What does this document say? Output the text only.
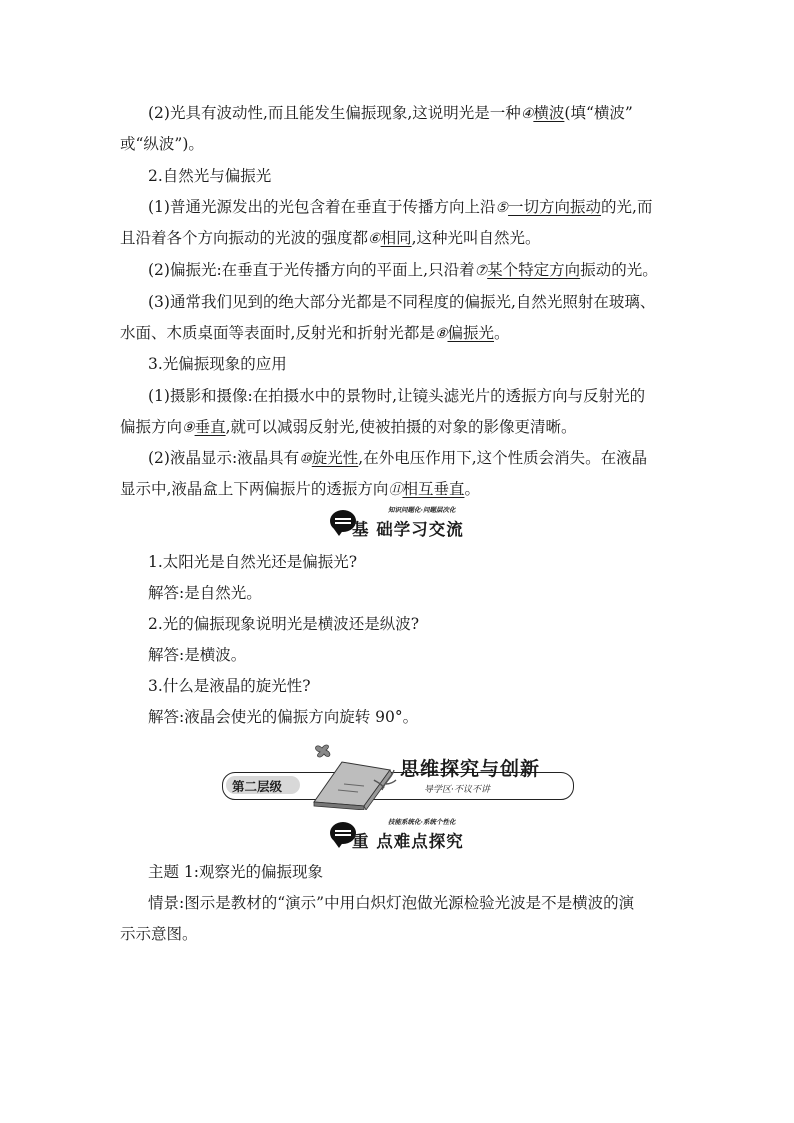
(2)光具有波动性,而且能发生偏振现象,这说明光是一种④横波(填“横波”
或“纵波”)。
2.自然光与偏振光
(1)普通光源发出的光包含着在垂直于传播方向上沿⑤一切方向振动的光,而
且沿着各个方向振动的光波的强度都⑥相同,这种光叫自然光。
(2)偏振光:在垂直于光传播方向的平面上,只沿着⑦某个特定方向振动的光。
(3)通常我们见到的绝大部分光都是不同程度的偏振光,自然光照射在玻璃、
水面、木质桌面等表面时,反射光和折射光都是⑧偏振光。
3.光偏振现象的应用
(1)摄影和摄像:在拍摄水中的景物时,让镜头滤光片的透振方向与反射光的
偏振方向⑨垂直,就可以减弱反射光,使被拍摄的对象的影像更清晰。
(2)液晶显示:液晶具有⑩旋光性,在外电压作用下,这个性质会消失。在液晶
显示中,液晶盒上下两偏振片的透振方向⑪相互垂直。
知识问题化·问题层次化
基 础学习交流
1.太阳光是自然光还是偏振光?
解答:是自然光。
2.光的偏振现象说明光是横波还是纵波?
解答:是横波。
3.什么是液晶的旋光性?
解答:液晶会使光的偏振方向旋转 90°。
第二层级
思维探究与创新
导学区·不议不讲
技能系统化·系统个性化
重 点难点探究
主题 1:观察光的偏振现象
情景:图示是教材的“演示”中用白炽灯泡做光源检验光波是不是横波的演
示示意图。
